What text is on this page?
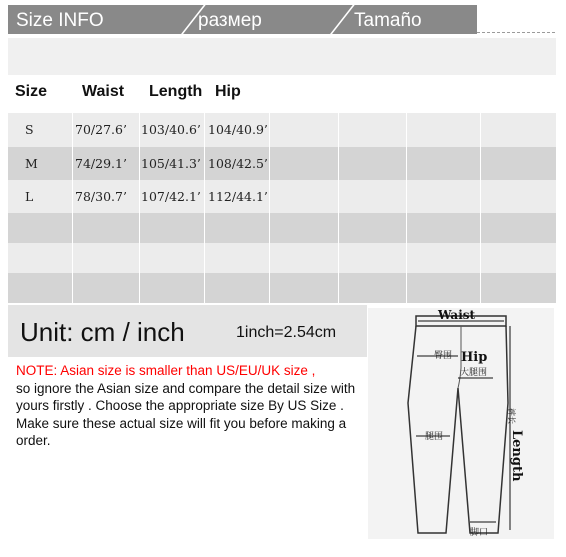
Size INFO	размер	Tamaño
Size Waist Length Hip
S	70/27.6’ 103/40.6’ 104/40.9’
M	74/29.1’ 105/41.3’ 108/42.5’
L	78/30.7’ 107/42.1’ 112/44.1’
Unit: cm / inch	1inch=2.54cm
NOTE: Asian size is smaller than US/EU/UK size ,
so ignore the Asian size and compare the detail size with yours firstly . Choose the appropriate size By US Size . Make sure these actual size will fit you before making a order.
Waist
Hip
臀围
大腿围
腿围
脚口
裤长
Length
